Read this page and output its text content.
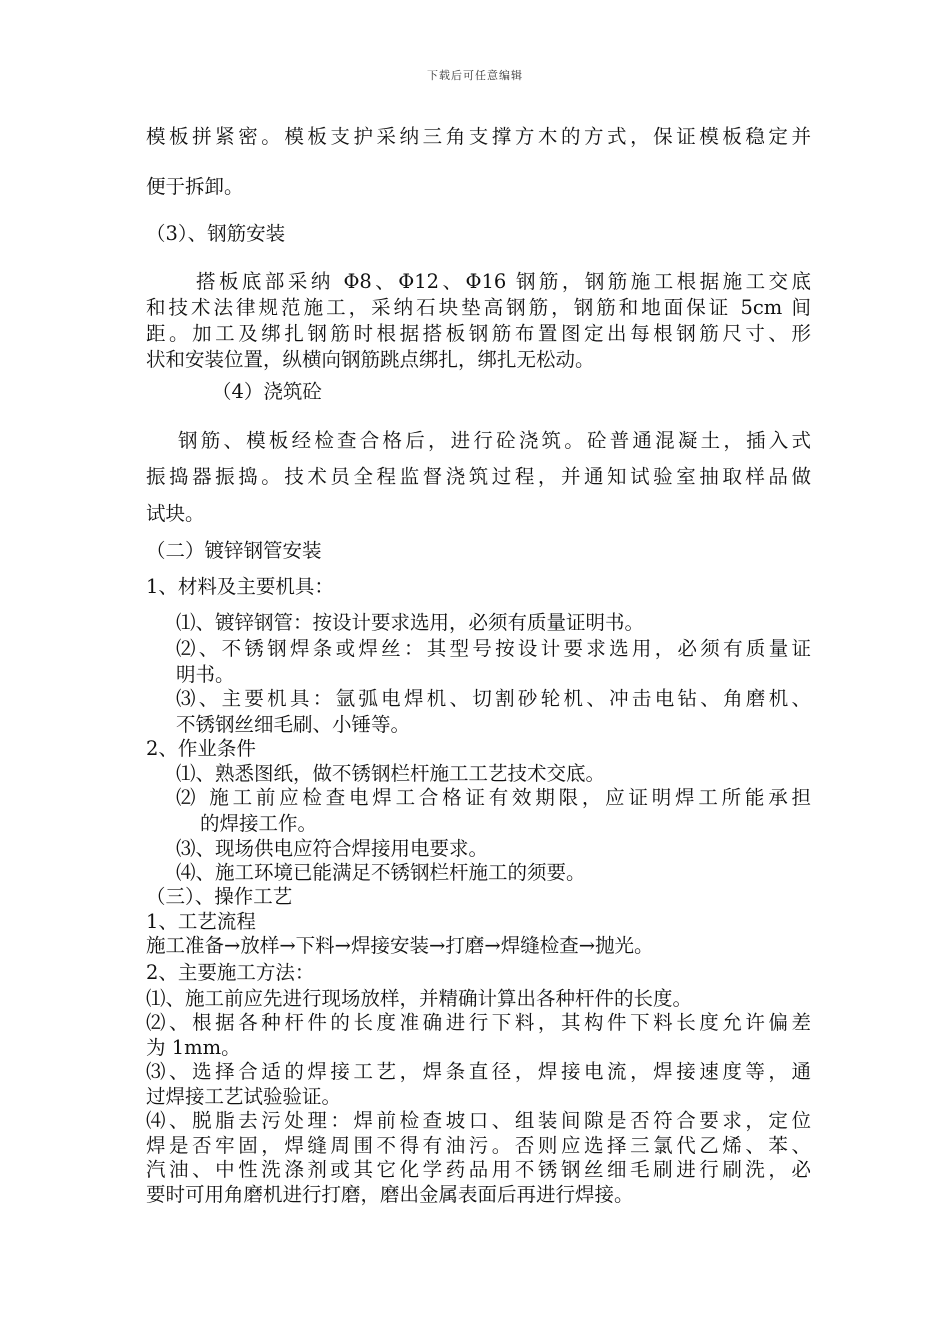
下载后可任意编辑
模板拼紧密。模板支护采纳三角支撑方木的方式，保证模板稳定并
便于拆卸。
（3）、钢筋安装
搭板底部采纳 Φ8、Φ12、Φ16 钢筋，钢筋施工根据施工交底
和技术法律规范施工，采纳石块垫高钢筋，钢筋和地面保证 5cm 间
距。加工及绑扎钢筋时根据搭板钢筋布置图定出每根钢筋尺寸、形
状和安装位置，纵横向钢筋跳点绑扎，绑扎无松动。
（4）浇筑砼
钢筋、模板经检查合格后，进行砼浇筑。砼普通混凝土，插入式
振捣器振捣。技术员全程监督浇筑过程，并通知试验室抽取样品做
试块。
（二）镀锌钢管安装
1、材料及主要机具：
⑴、镀锌钢管：按设计要求选用，必须有质量证明书。
⑵、不锈钢焊条或焊丝：其型号按设计要求选用，必须有质量证
明书。
⑶、主要机具：氩弧电焊机、切割砂轮机、冲击电钻、角磨机、
不锈钢丝细毛刷、小锤等。
2、作业条件
⑴、熟悉图纸，做不锈钢栏杆施工工艺技术交底。
⑵ 施工前应检查电焊工合格证有效期限，应证明焊工所能承担
的焊接工作。
⑶、现场供电应符合焊接用电要求。
⑷、施工环境已能满足不锈钢栏杆施工的须要。
（三）、操作工艺
1、工艺流程
施工准备→放样→下料→焊接安装→打磨→焊缝检查→抛光。
2、主要施工方法：
⑴、施工前应先进行现场放样，并精确计算出各种杆件的长度。
⑵、根据各种杆件的长度准确进行下料，其构件下料长度允许偏差
为 1mm。
⑶、选择合适的焊接工艺，焊条直径，焊接电流，焊接速度等，通
过焊接工艺试验验证。
⑷、脱脂去污处理：焊前检查坡口、组装间隙是否符合要求，定位
焊是否牢固，焊缝周围不得有油污。否则应选择三氯代乙烯、苯、
汽油、中性洗涤剂或其它化学药品用不锈钢丝细毛刷进行刷洗，必
要时可用角磨机进行打磨，磨出金属表面后再进行焊接。
